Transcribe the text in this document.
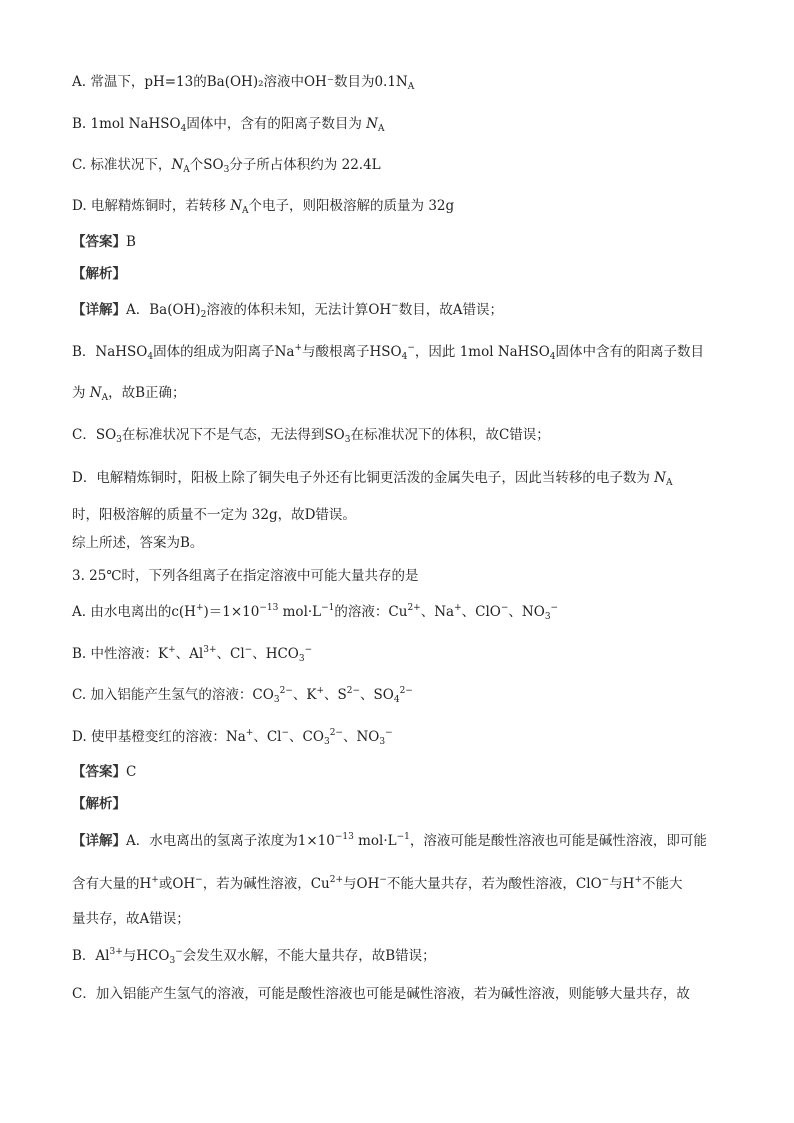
A. 常温下，pH=13的Ba(OH)₂溶液中OH⁻数目为$0.1N_A$
B. 1mol NaHSO$_4$固体中，含有的阳离子数目为 $N_A$
C. 标准状况下，$N_A$个$SO_3$分子所占体积约为 22.4L
D. 电解精炼铜时，若转移 $N_A$个电子，则阳极溶解的质量为 32g
【答案】B
【解析】
【详解】A．$Ba(OH)_2$溶液的体积未知，无法计算OH−数目，故A错误；
B．NaHSO$_4$固体的组成为阳离子Na+与酸根离子$HSO_4^-$，因此 1mol NaHSO$_4$固体中含有的阳离子数目
为 $N_A$，故B正确；
C．$SO_3$在标准状况下不是气态，无法得到$SO_3$在标准状况下的体积，故C错误；
D．电解精炼铜时，阳极上除了铜失电子外还有比铜更活泼的金属失电子，因此当转移的电子数为 $N_A$
时，阳极溶解的质量不一定为 32g，故D错误。
综上所述，答案为B。
3. 25℃时，下列各组离子在指定溶液中可能大量共存的是
A. 由水电离出的$c(H^+)=1\times 10^{-13}$ $mol\cdot L^{-1}$的溶液：$Cu^{2+}$、Na+、ClO−、$NO_3^-$
B. 中性溶液：K+、$Al^{3+}$、Cl−、$HCO_3^-$
C. 加入铝能产生氢气的溶液：$CO_3^{2-}$、K+、$S^{2-}$、$SO_4^{2-}$
D. 使甲基橙变红的溶液：Na+、Cl−、$CO_3^{2-}$、$NO_3^-$
【答案】C
【解析】
【详解】A．水电离出的氢离子浓度为$1\times 10^{-13}$ $mol\cdot L^{-1}$，溶液可能是酸性溶液也可能是碱性溶液，即可能
含有大量的H+或OH−，若为碱性溶液，$Cu^{2+}$与OH−不能大量共存，若为酸性溶液，ClO−与H+不能大
量共存，故A错误；
B．$Al^{3+}$与$HCO_3^-$会发生双水解，不能大量共存，故B错误；
C．加入铝能产生氢气的溶液，可能是酸性溶液也可能是碱性溶液，若为碱性溶液，则能够大量共存，故
